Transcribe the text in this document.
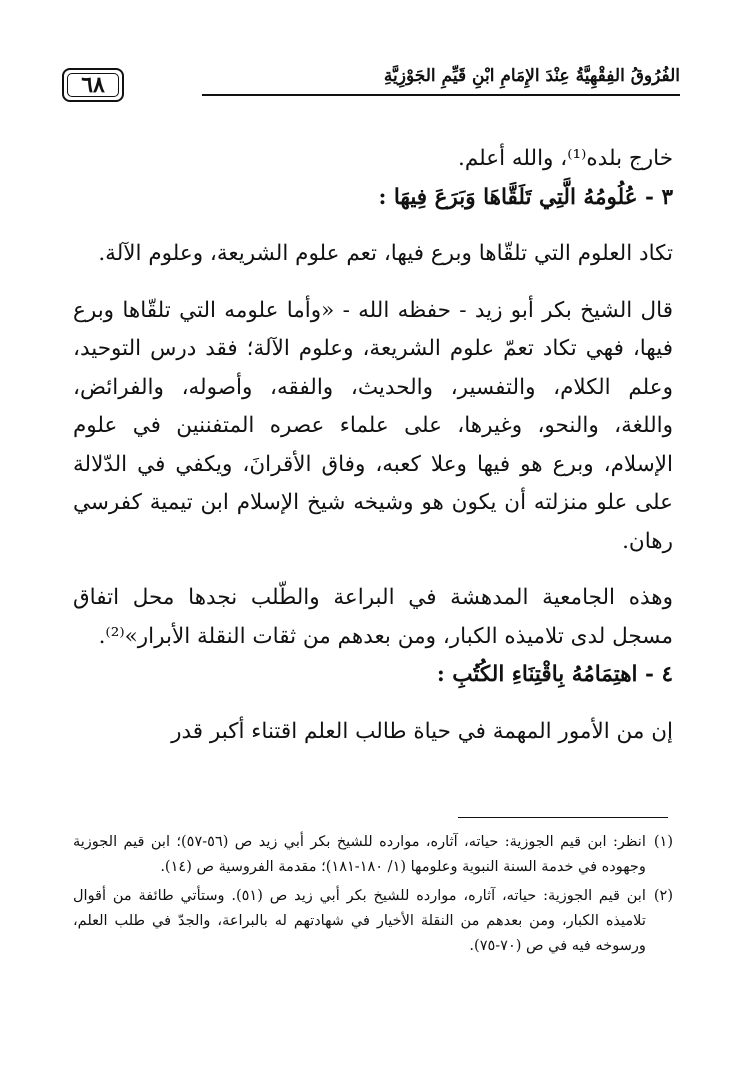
الفُرُوقُ الفِقْهِيَّةُ عِنْدَ الإِمَامِ ابْنِ قَيِّمِ الجَوْزِيَّةِ
٦٨

خارج بلده⁽¹⁾، والله أعلم.

٣ - عُلُومُهُ الَّتِي تَلَقَّاهَا وَبَرَعَ فِيهَا :

تكاد العلوم التي تلقّاها وبرع فيها، تعم علوم الشريعة، وعلوم الآلة.

قال الشيخ بكر أبو زيد - حفظه الله - «وأما علومه التي تلقّاها وبرع فيها، فهي تكاد تعمّ علوم الشريعة، وعلوم الآلة؛ فقد درس التوحيد، وعلم الكلام، والتفسير، والحديث، والفقه، وأصوله، والفرائض، واللغة، والنحو، وغيرها، على علماء عصره المتفننين في علوم الإسلام، وبرع هو فيها وعلا كعبه، وفاق الأقرانَ، ويكفي في الدّلالة على علو منزلته أن يكون هو وشيخه شيخ الإسلام ابن تيمية كفرسي رهان.

وهذه الجامعية المدهشة في البراعة والطّلب نجدها محل اتفاق مسجل لدى تلاميذه الكبار، ومن بعدهم من ثقات النقلة الأبرار»⁽²⁾.

٤ - اهتِمَامُهُ بِاقْتِنَاءِ الكُتُبِ :

إن من الأمور المهمة في حياة طالب العلم اقتناء أكبر قدر

(١)
انظر: ابن قيم الجوزية: حياته، آثاره، موارده للشيخ بكر أبي زيد ص (٥٦-٥٧)؛ ابن قيم الجوزية وجهوده في خدمة السنة النبوية وعلومها (١/ ١٨٠-١٨١)؛ مقدمة الفروسية ص (١٤).
(٢)
ابن قيم الجوزية: حياته، آثاره، موارده للشيخ بكر أبي زيد ص (٥١). وستأتي طائفة من أقوال تلاميذه الكبار، ومن بعدهم من النقلة الأخيار في شهادتهم له بالبراعة، والجدّ في طلب العلم، ورسوخه فيه في ص (٧٠-٧٥).
